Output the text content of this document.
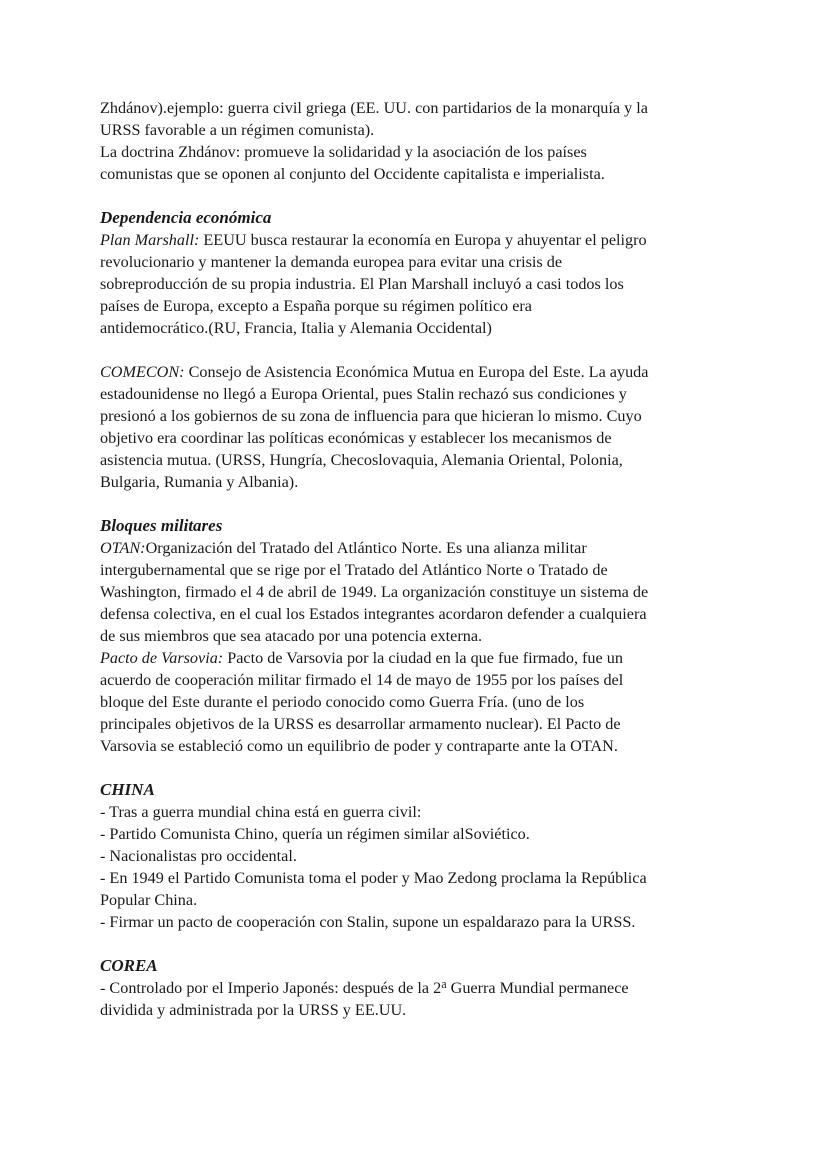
Zhdánov).ejemplo: guerra civil griega (EE. UU. con partidarios de la monarquía y la
URSS favorable a un régimen comunista).
La doctrina Zhdánov: promueve la solidaridad y la asociación de los países
comunistas que se oponen al conjunto del Occidente capitalista e imperialista.
Dependencia económica
Plan Marshall: EEUU busca restaurar la economía en Europa y ahuyentar el peligro
revolucionario y mantener la demanda europea para evitar una crisis de
sobreproducción de su propia industria. El Plan Marshall incluyó a casi todos los
países de Europa, excepto a España porque su régimen político era
antidemocrático.(RU, Francia, Italia y Alemania Occidental)
COMECON: Consejo de Asistencia Económica Mutua en Europa del Este. La ayuda
estadounidense no llegó a Europa Oriental, pues Stalin rechazó sus condiciones y
presionó a los gobiernos de su zona de influencia para que hicieran lo mismo. Cuyo
objetivo era coordinar las políticas económicas y establecer los mecanismos de
asistencia mutua. (URSS, Hungría, Checoslovaquia, Alemania Oriental, Polonia,
Bulgaria, Rumania y Albania).
Bloques militares
OTAN:Organización del Tratado del Atlántico Norte. Es una alianza militar
intergubernamental que se rige por el Tratado del Atlántico Norte o Tratado de
Washington, firmado el 4 de abril de 1949. La organización constituye un sistema de
defensa colectiva, en el cual los Estados integrantes acordaron defender a cualquiera
de sus miembros que sea atacado por una potencia externa.
Pacto de Varsovia: Pacto de Varsovia por la ciudad en la que fue firmado, fue un
acuerdo de cooperación militar firmado el 14 de mayo de 1955 por los países del
bloque del Este durante el periodo conocido como Guerra Fría. (uno de los
principales objetivos de la URSS es desarrollar armamento nuclear). El Pacto de
Varsovia se estableció como un equilibrio de poder y contraparte ante la OTAN.
CHINA
- Tras a guerra mundial china está en guerra civil:
- Partido Comunista Chino, quería un régimen similar alSoviético.
- Nacionalistas pro occidental.
- En 1949 el Partido Comunista toma el poder y Mao Zedong proclama la República
Popular China.
- Firmar un pacto de cooperación con Stalin, supone un espaldarazo para la URSS.
COREA
- Controlado por el Imperio Japonés: después de la 2$^a$ Guerra Mundial permanece
dividida y administrada por la URSS y EE.UU.
